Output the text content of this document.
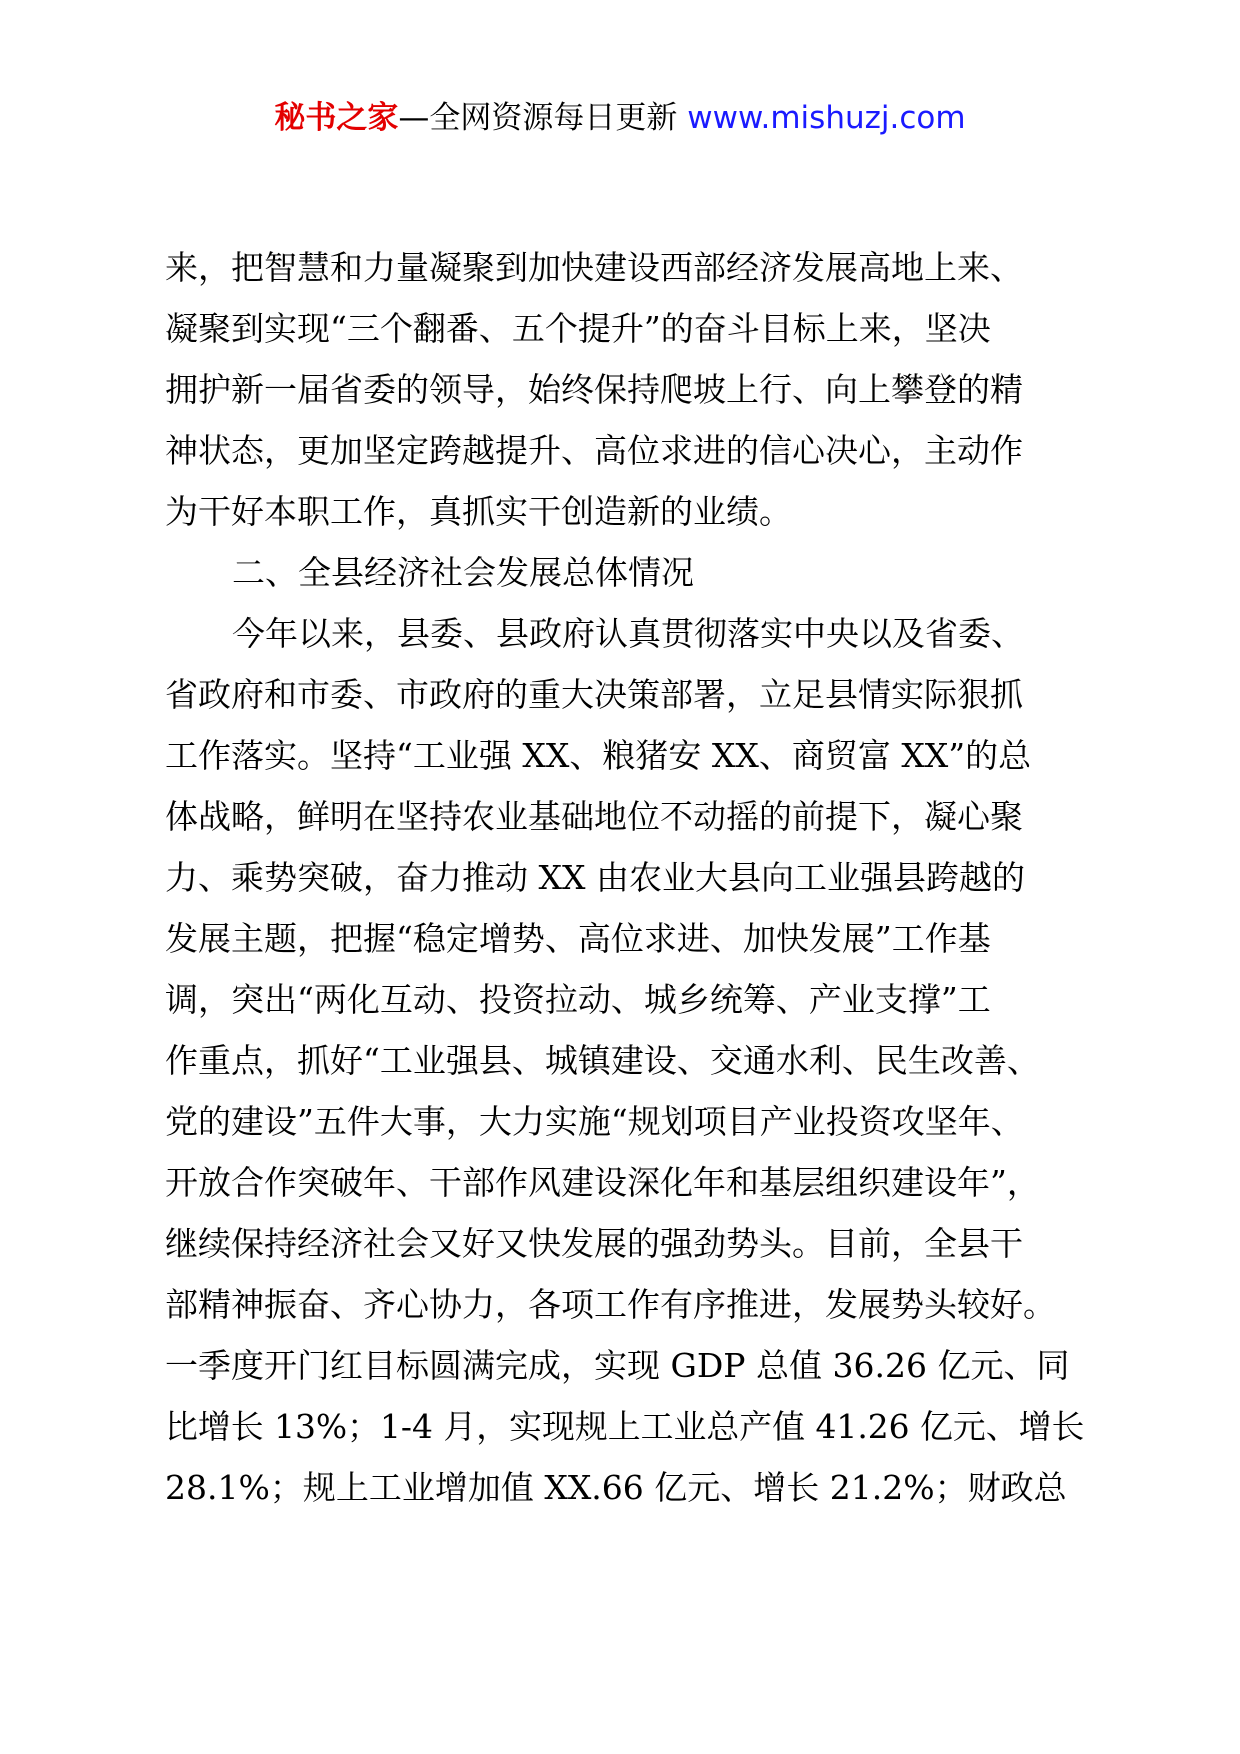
秘书之家—全网资源每日更新 www.mishuzj.com
来，把智慧和力量凝聚到加快建设西部经济发展高地上来、
凝聚到实现“三个翻番、五个提升”的奋斗目标上来，坚决
拥护新一届省委的领导，始终保持爬坡上行、向上攀登的精
神状态，更加坚定跨越提升、高位求进的信心决心，主动作
为干好本职工作，真抓实干创造新的业绩。
二、全县经济社会发展总体情况
今年以来，县委、县政府认真贯彻落实中央以及省委、
省政府和市委、市政府的重大决策部署，立足县情实际狠抓
工作落实。坚持“工业强 XX、粮猪安 XX、商贸富 XX”的总
体战略，鲜明在坚持农业基础地位不动摇的前提下，凝心聚
力、乘势突破，奋力推动 XX 由农业大县向工业强县跨越的
发展主题，把握“稳定增势、高位求进、加快发展”工作基
调，突出“两化互动、投资拉动、城乡统筹、产业支撑”工
作重点，抓好“工业强县、城镇建设、交通水利、民生改善、
党的建设”五件大事，大力实施“规划项目产业投资攻坚年、
开放合作突破年、干部作风建设深化年和基层组织建设年”，
继续保持经济社会又好又快发展的强劲势头。目前，全县干
部精神振奋、齐心协力，各项工作有序推进，发展势头较好。
一季度开门红目标圆满完成，实现 GDP 总值 36.26 亿元、同
比增长 13%；1-4 月，实现规上工业总产值 41.26 亿元、增长
28.1%；规上工业增加值 XX.66 亿元、增长 21.2%；财政总
